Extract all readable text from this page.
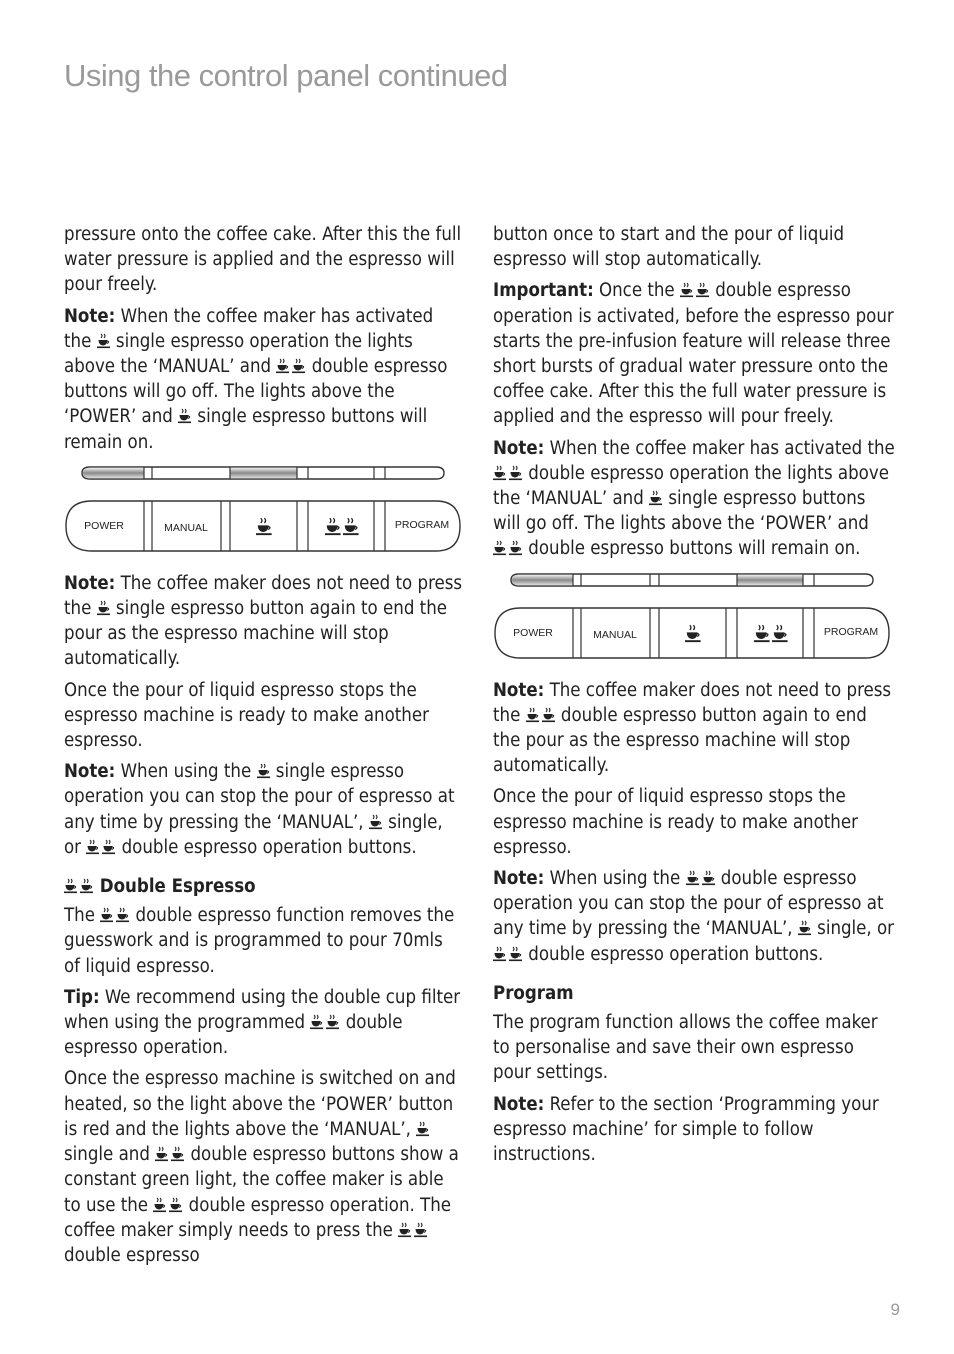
Using the control panel continued

pressure onto the coffee cake. After this the full water pressure is applied and the espresso will pour freely.

Note: When the coffee maker has activated the  single espresso operation the lights above the ‘MANUAL’ and  double espresso buttons will go off. The lights above the ‘POWER’ and  single espresso buttons will remain on.

POWER	MANUAL	PROGRAM

Note: The coffee maker does not need to press the  single espresso button again to end the pour as the espresso machine will stop automatically.

Once the pour of liquid espresso stops the espresso machine is ready to make another espresso.

Note: When using the  single espresso operation you can stop the pour of espresso at any time by pressing the ‘MANUAL’,  single, or  double espresso operation buttons.

Double Espresso

The  double espresso function removes the guesswork and is programmed to pour 70mls of liquid espresso.

Tip: We recommend using the double cup filter when using the programmed  double espresso operation.

Once the espresso machine is switched on and heated, so the light above the ‘POWER’ button is red and the lights above the ‘MANUAL’,  single and  double espresso buttons show a constant green light, the coffee maker is able to use the  double espresso operation. The coffee maker simply needs to press the  double espresso

button once to start and the pour of liquid espresso will stop automatically.

Important: Once the  double espresso operation is activated, before the espresso pour starts the pre-infusion feature will release three short bursts of gradual water pressure onto the coffee cake. After this the full water pressure is applied and the espresso will pour freely.

Note: When the coffee maker has activated the  double espresso operation the lights above the ‘MANUAL’ and  single espresso buttons will go off. The lights above the ‘POWER’ and  double espresso buttons will remain on.

POWER	MANUAL	PROGRAM

Note: The coffee maker does not need to press the  double espresso button again to end the pour as the espresso machine will stop automatically.

Once the pour of liquid espresso stops the espresso machine is ready to make another espresso.

Note: When using the  double espresso operation you can stop the pour of espresso at any time by pressing the ‘MANUAL’,  single, or  double espresso operation buttons.

Program

The program function allows the coffee maker to personalise and save their own espresso pour settings.

Note: Refer to the section ‘Programming your espresso machine’ for simple to follow instructions.

9
